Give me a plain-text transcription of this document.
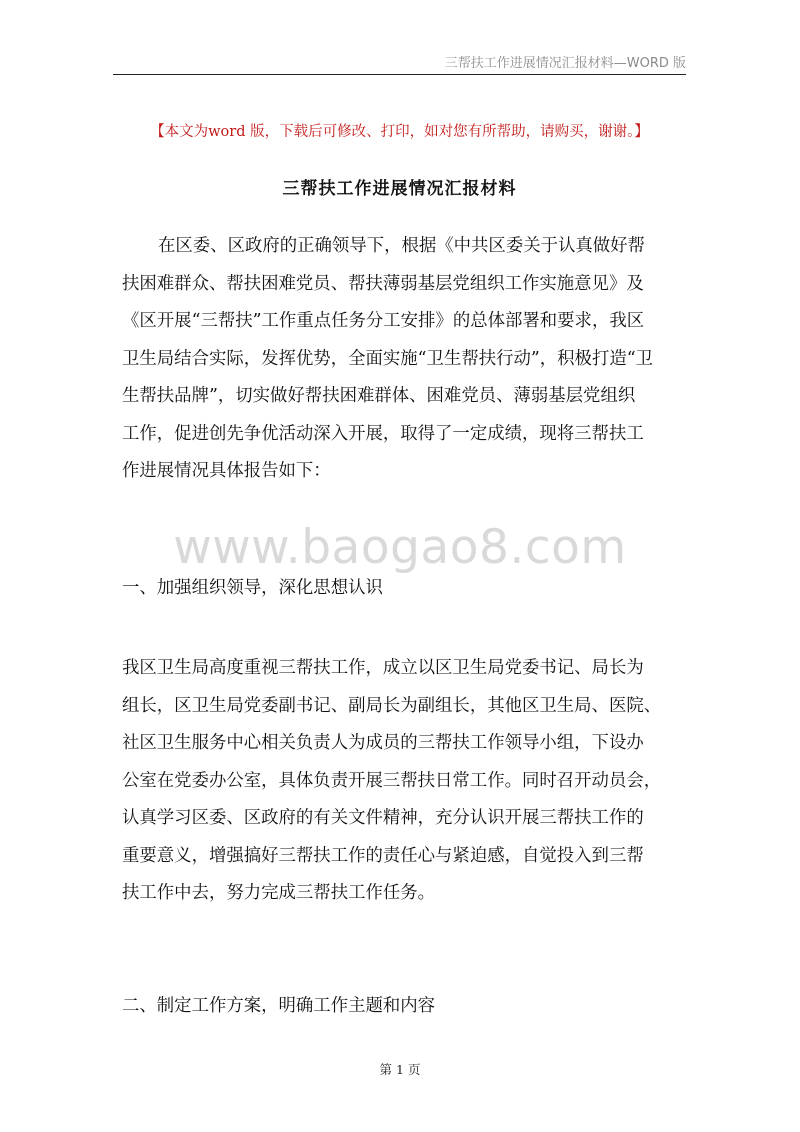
三帮扶工作进展情况汇报材料—WORD 版
【本文为word 版，下载后可修改、打印，如对您有所帮助，请购买，谢谢。】
三帮扶工作进展情况汇报材料

在区委、区政府的正确领导下，根据《中共区委关于认真做好帮
扶困难群众、帮扶困难党员、帮扶薄弱基层党组织工作实施意见》及
《区开展“三帮扶”工作重点任务分工安排》的总体部署和要求，我区
卫生局结合实际，发挥优势，全面实施“卫生帮扶行动”，积极打造“卫
生帮扶品牌”，切实做好帮扶困难群体、困难党员、薄弱基层党组织
工作，促进创先争优活动深入开展，取得了一定成绩，现将三帮扶工
作进展情况具体报告如下：

www.baogao8.com

一、加强组织领导，深化思想认识

我区卫生局高度重视三帮扶工作，成立以区卫生局党委书记、局长为
组长，区卫生局党委副书记、副局长为副组长，其他区卫生局、医院、
社区卫生服务中心相关负责人为成员的三帮扶工作领导小组，下设办
公室在党委办公室，具体负责开展三帮扶日常工作。同时召开动员会，
认真学习区委、区政府的有关文件精神，充分认识开展三帮扶工作的
重要意义，增强搞好三帮扶工作的责任心与紧迫感，自觉投入到三帮
扶工作中去，努力完成三帮扶工作任务。

二、制定工作方案，明确工作主题和内容

第 1 页
